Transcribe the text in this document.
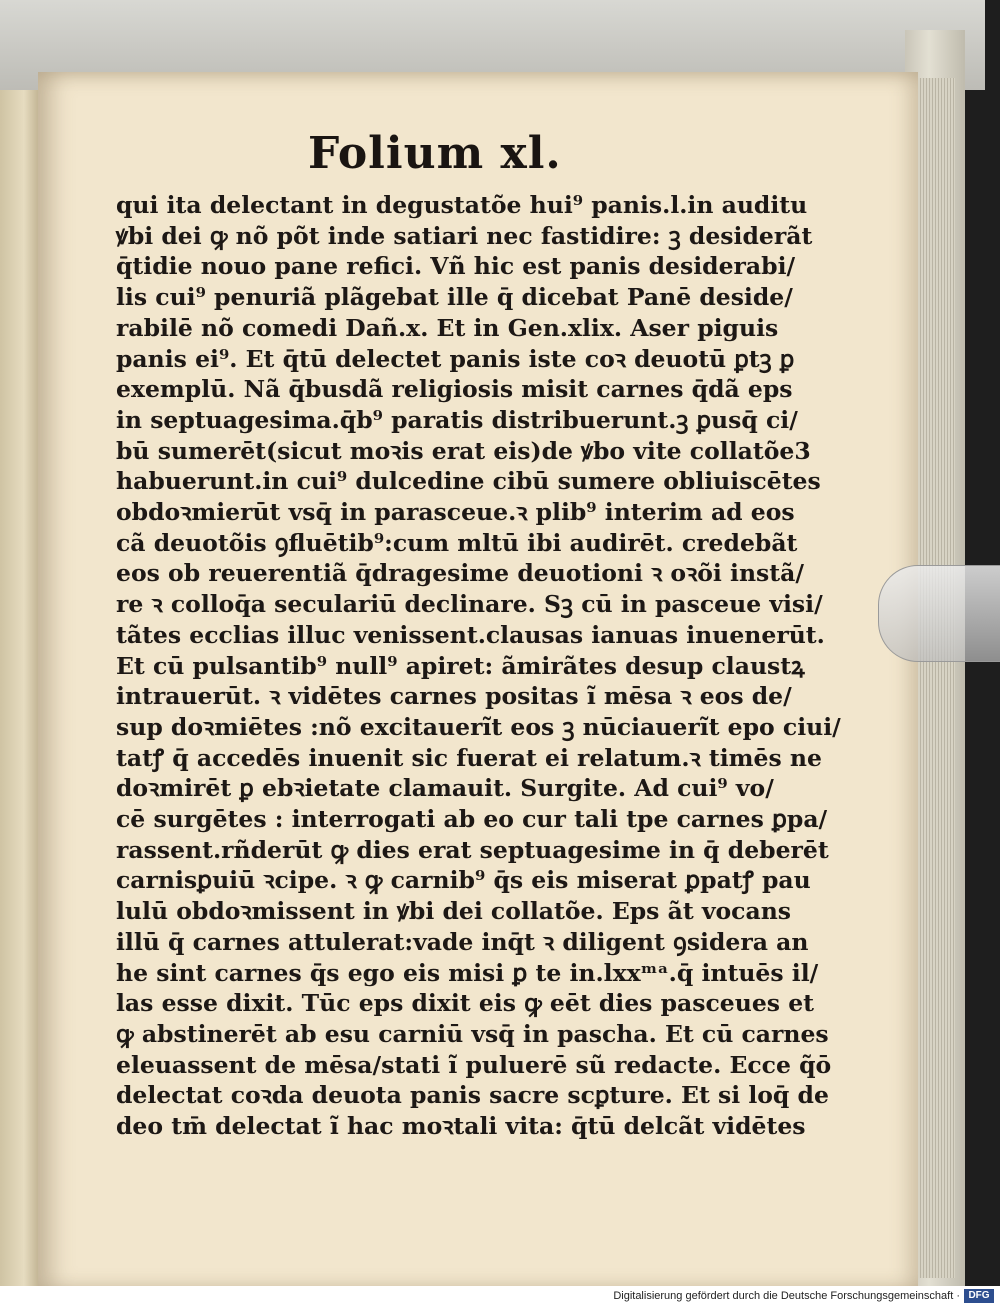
Folium xl.
qui ita delectant in degustatõe hui⁹ panis.l.in auditu
ꝟbi dei ꝙ nõ põt inde satiari nec fastidire: ꝫ desiderãt
q̄tidie nouo pane refici. Vñ hic est panis desiderabi/
lis cui⁹ penuriã plãgebat ille q̄ dicebat Panē deside/
rabilē nõ comedi Dañ.x. Et in Gen.xlix. Aser piguis
panis ei⁹. Et q̄tū delectet panis iste coꝛ deuotū ꝑtꝫ ꝑ
exemplū. Nã q̄busdã religiosis misit carnes q̄dã eps
in septuagesima.q̄b⁹ paratis distribuerunt.ꝫ ꝑusq̄ ci/
bū sumerēt(sicut moꝛis erat eis)de ꝟbo vite collatõe3
habuerunt.in cui⁹ dulcedine cibū sumere obliuiscētes
obdoꝛmierūt vsq̄ in parasceue.ꝛ plib⁹ interim ad eos
cã deuotõis ꝯfluētib⁹:cum mltū ibi audirēt. credebãt
eos ob reuerentiã q̄dragesime deuotioni ꝛ oꝛõi instã/
re ꝛ colloq̄a seculariū declinare. Sꝫ cū in pasceue visi/
tãtes ecclias illuc venissent.clausas ianuas inuenerūt.
Et cū pulsantib⁹ null⁹ apiret: ãmirãtes desup claustꝝ
intrauerūt. ꝛ vidētes carnes positas ĩ mēsa ꝛ eos de/
sup doꝛmiētes :nõ excitauerĩt eos ꝫ nūciauerĩt epo ciui/
tatꝭ q̄ accedēs inuenit sic fuerat ei relatum.ꝛ timēs ne
doꝛmirēt ꝑ ebꝛietate clamauit. Surgite. Ad cui⁹ vo/
cē surgētes : interrogati ab eo cur tali tpe carnes ꝑpa/
rassent.rñderūt ꝙ dies erat septuagesime in q̄ deberēt
carnisꝑuiū ꝛcipe. ꝛ ꝙ carnib⁹ q̄s eis miserat ꝑpatꝭ pau
lulū obdoꝛmissent in ꝟbi dei collatõe. Eps ãt vocans
illū q̄ carnes attulerat:vade inq̄t ꝛ diligent ꝯsidera an
he sint carnes q̄s ego eis misi ꝑ te in.lxxᵐᵃ.q̄ intuēs il/
las esse dixit. Tūc eps dixit eis ꝙ eēt dies pasceues et
ꝙ abstinerēt ab esu carniū vsq̄ in pascha. Et cū carnes
eleuassent de mēsa/stati ĩ puluerē sũ redacte. Ecce q̃ō
delectat coꝛda deuota panis sacre scꝑture. Et si loq̄ de
deo tm̄ delectat ĩ hac moꝛtali vita: q̄tū delcãt vidētes
Digitalisierung gefördert durch die Deutsche Forschungsgemeinschaft · DFG
